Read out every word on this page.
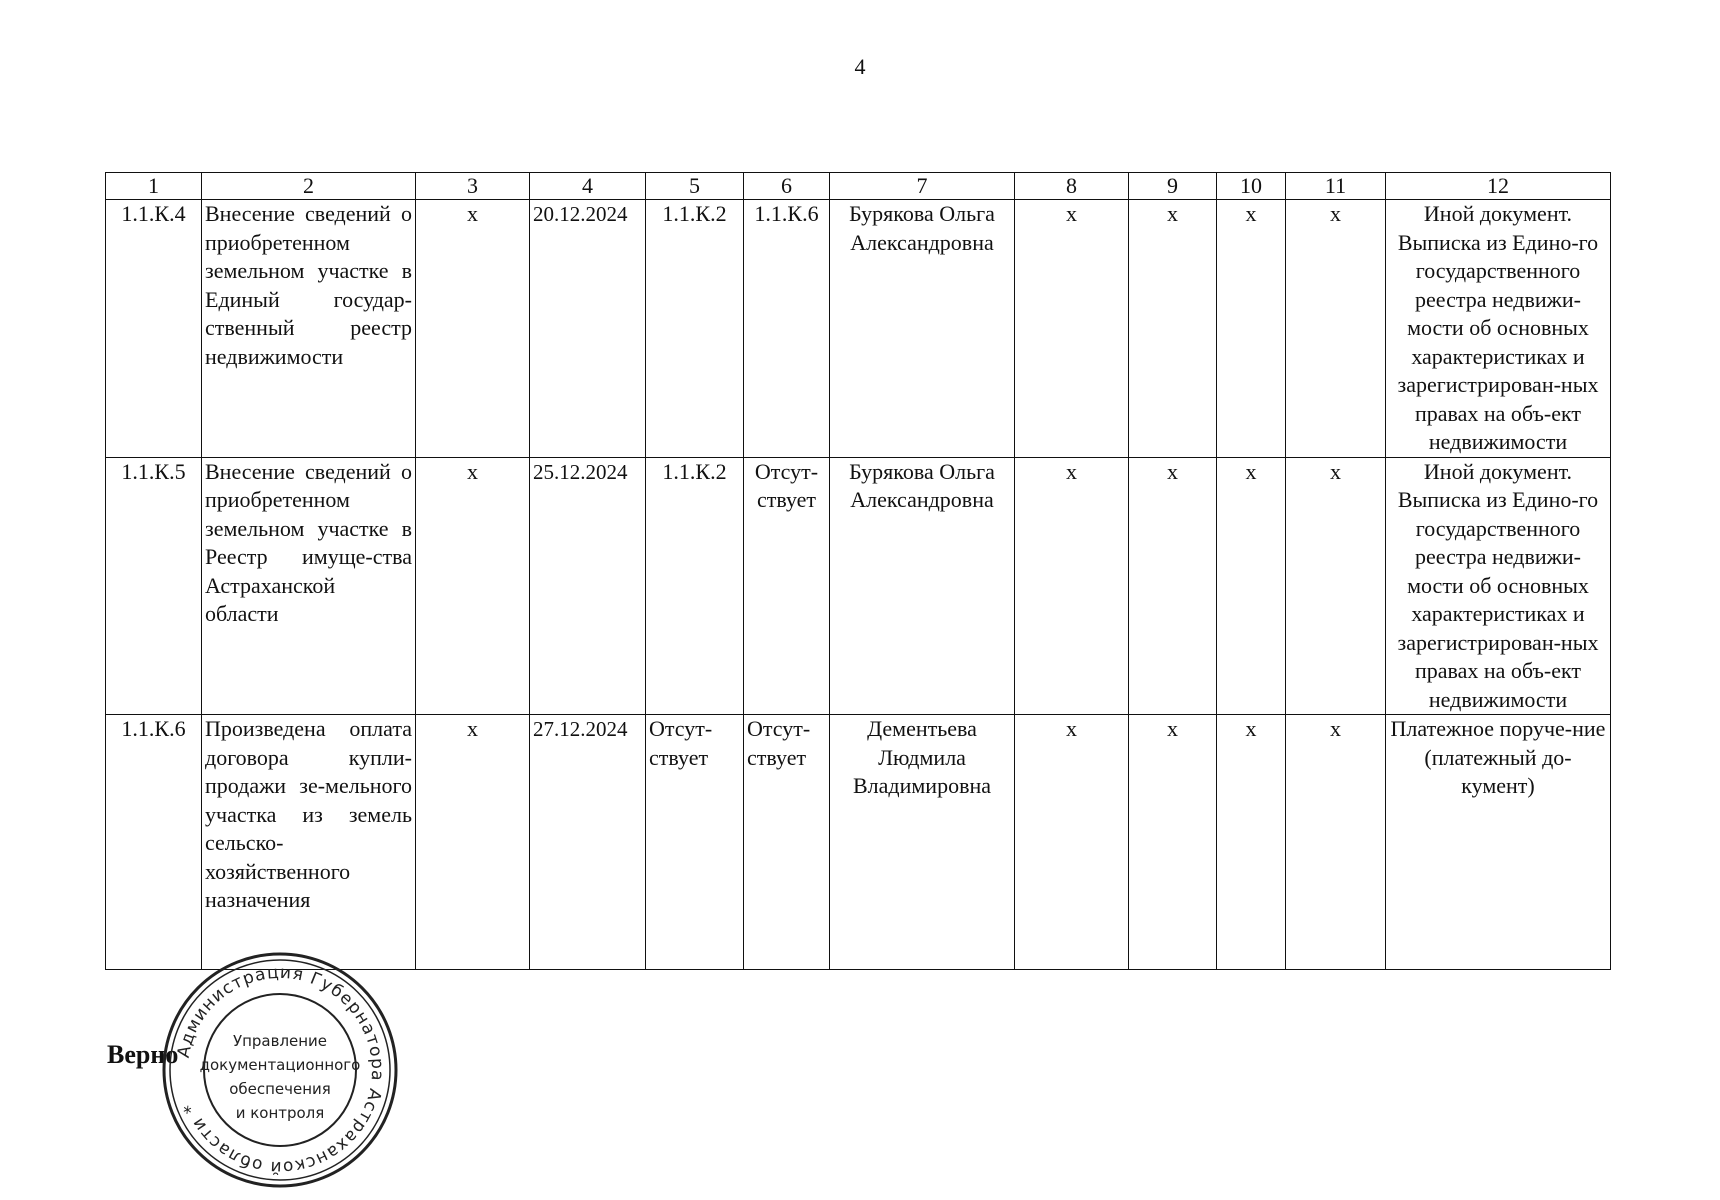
4
1	2	3	4	5	6	7	8	9	10	11	12
1.1.К.4	Внесение сведений о приобретенном земельном участке в Единый государ-ственный реестр недвижимости	х	20.12.2024	1.1.К.2	1.1.К.6	Бурякова Ольга Александровна	х	х	х	х	Иной документ. Выписка из Едино-го государственного реестра недвижи-мости об основных характеристиках и зарегистрирован-ных правах на объ-ект недвижимости
1.1.К.5	Внесение сведений о приобретенном земельном участке в Реестр имуще-ства Астраханской области	х	25.12.2024	1.1.К.2	Отсут-ствует	Бурякова Ольга Александровна	х	х	х	х	Иной документ. Выписка из Едино-го государственного реестра недвижи-мости об основных характеристиках и зарегистрирован-ных правах на объ-ект недвижимости
1.1.К.6	Произведена оплата договора купли-продажи зе-мельного участка из земель сельско-хозяйственного назначения	х	27.12.2024	Отсут-ствует	Отсут-ствует	Дементьева Людмила Владимировна	х	х	х	х	Платежное поруче-ние (платежный до-кумент)
Верно
Администрация Губернатора Астраханской области *
Управление
документационного
обеспечения
и контроля
